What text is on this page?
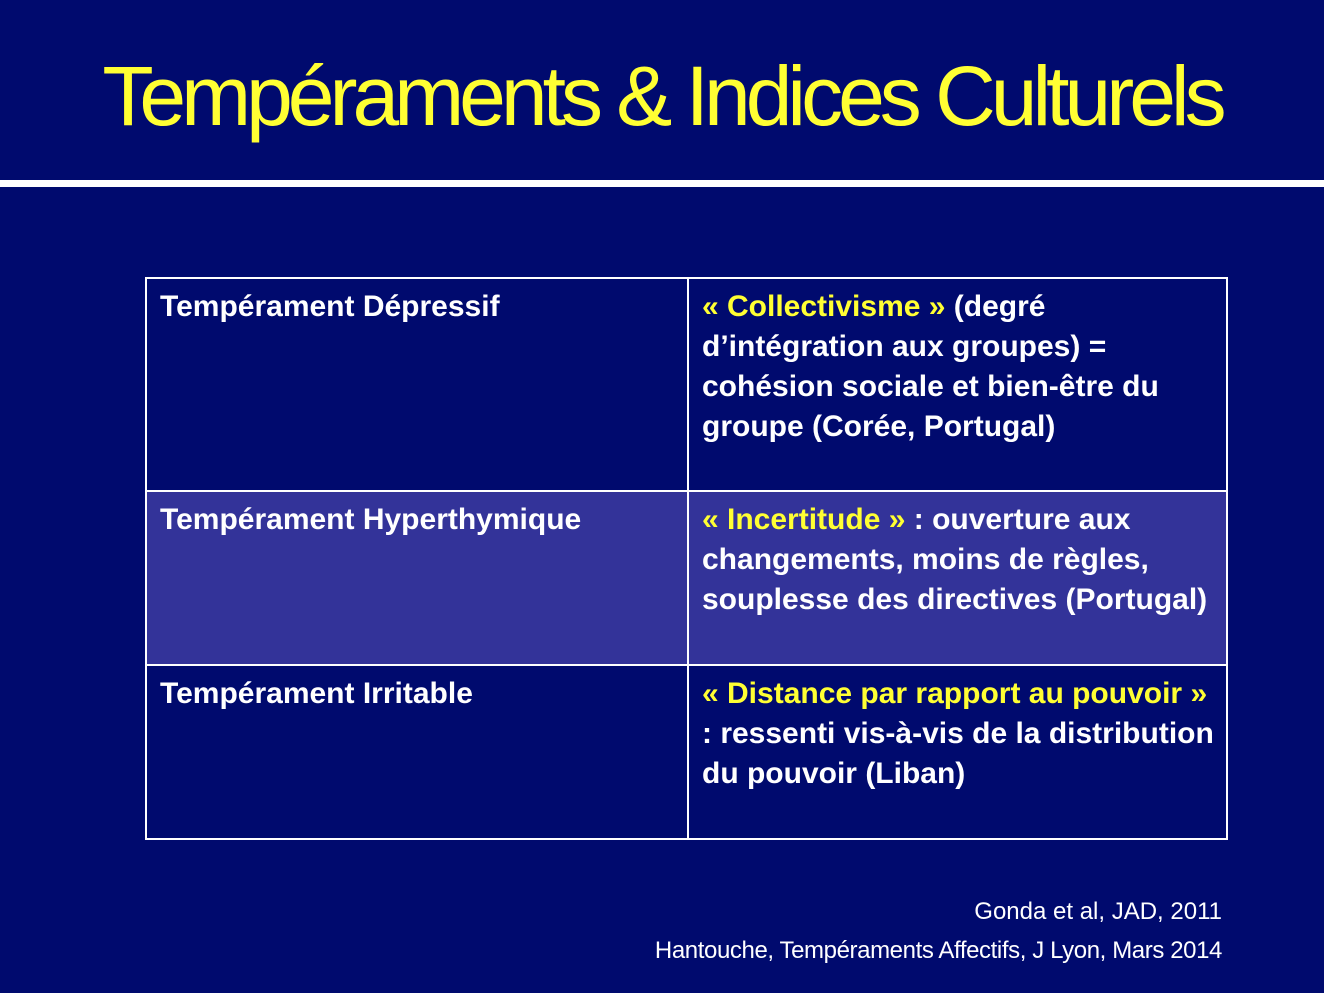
Tempéraments & Indices Culturels
Tempérament Dépressif	« Collectivisme » (degré d’intégration aux groupes) = cohésion sociale et bien-être du groupe (Corée, Portugal)
Tempérament Hyperthymique	« Incertitude » : ouverture aux changements, moins de règles, souplesse des directives (Portugal)
Tempérament Irritable	« Distance par rapport au pouvoir » : ressenti vis-à-vis de la distribution du pouvoir (Liban)
Gonda et al, JAD, 2011
Hantouche, Tempéraments Affectifs, J Lyon, Mars 2014
